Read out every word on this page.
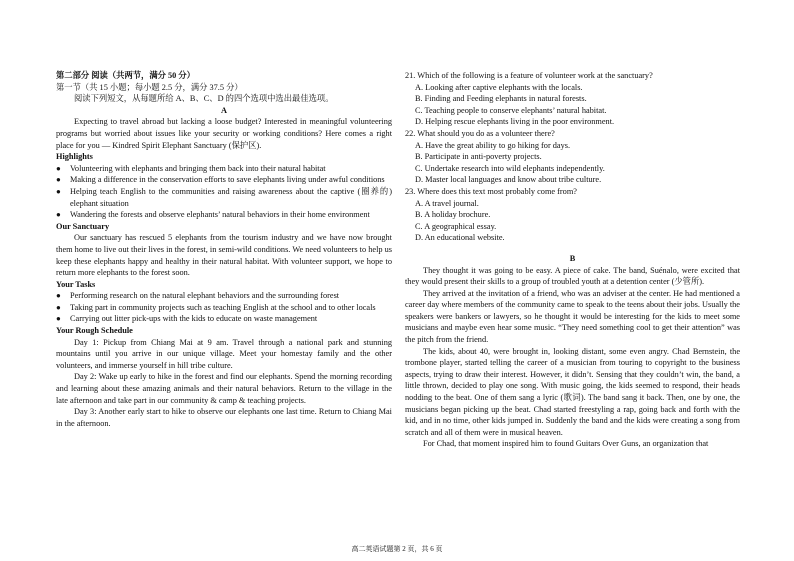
第二部分 阅读（共两节，满分 50 分）

第一节（共 15 小题；每小题 2.5 分，满分 37.5 分）

阅读下列短文，从每题所给 A、B、C、D 的四个选项中选出最佳选项。

A

Expecting to travel abroad but lacking a loose budget? Interested in meaningful volunteering programs but worried about issues like your security or working conditions? Here comes a right place for you — Kindred Spirit Elephant Sanctuary (保护区).

Highlights

● Volunteering with elephants and bringing them back into their natural habitat
● Making a difference in the conservation efforts to save elephants living under awful conditions
● Helping teach English to the communities and raising awareness about the captive (圈养的) elephant situation
● Wandering the forests and observe elephants’ natural behaviors in their home environment

Our Sanctuary

Our sanctuary has rescued 5 elephants from the tourism industry and we have now brought them home to live out their lives in the forest, in semi-wild conditions. We need volunteers to help us keep these elephants happy and healthy in their natural habitat. With volunteer support, we hope to return more elephants to the forest soon.

Your Tasks

● Performing research on the natural elephant behaviors and the surrounding forest
● Taking part in community projects such as teaching English at the school and to other locals
● Carrying out litter pick-ups with the kids to educate on waste management

Your Rough Schedule

Day 1: Pickup from Chiang Mai at 9 am. Travel through a national park and stunning mountains until you arrive in our unique village. Meet your homestay family and the other volunteers, and immerse yourself in hill tribe culture.

Day 2: Wake up early to hike in the forest and find our elephants. Spend the morning recording and learning about these amazing animals and their natural behaviors. Return to the village in the late afternoon and take part in our community & camp & teaching projects.

Day 3: Another early start to hike to observe our elephants one last time. Return to Chiang Mai in the afternoon.

21. Which of the following is a feature of volunteer work at the sanctuary?

A. Looking after captive elephants with the locals.

B. Finding and Feeding elephants in natural forests.

C. Teaching people to conserve elephants’ natural habitat.

D. Helping rescue elephants living in the poor environment.

22. What should you do as a volunteer there?

A. Have the great ability to go hiking for days.

B. Participate in anti-poverty projects.

C. Undertake research into wild elephants independently.

D. Master local languages and know about tribe culture.

23. Where does this text most probably come from?

A. A travel journal.

B. A holiday brochure.

C. A geographical essay.

D. An educational website.

B

They thought it was going to be easy. A piece of cake. The band, Suénalo, were excited that they would present their skills to a group of troubled youth at a detention center (少管所).

They arrived at the invitation of a friend, who was an adviser at the center. He had mentioned a career day where members of the community came to speak to the teens about their jobs. Usually the speakers were bankers or lawyers, so he thought it would be interesting for the kids to meet some musicians and maybe even hear some music. “They need something cool to get their attention” was the pitch from the friend.

The kids, about 40, were brought in, looking distant, some even angry. Chad Bernstein, the trombone player, started telling the career of a musician from touring to copyright to the business aspects, trying to draw their interest. However, it didn’t. Sensing that they couldn’t win, the band, a little thrown, decided to play one song. With music going, the kids seemed to respond, their heads nodding to the beat. One of them sang a lyric (歌词). The band sang it back. Then, one by one, the musicians began picking up the beat. Chad started freestyling a rap, going back and forth with the kid, and in no time, other kids jumped in. Suddenly the band and the kids were creating a song from scratch and all of them were in musical heaven.

For Chad, that moment inspired him to found Guitars Over Guns, an organization that

高二英语试题第 2 页，共 6 页
